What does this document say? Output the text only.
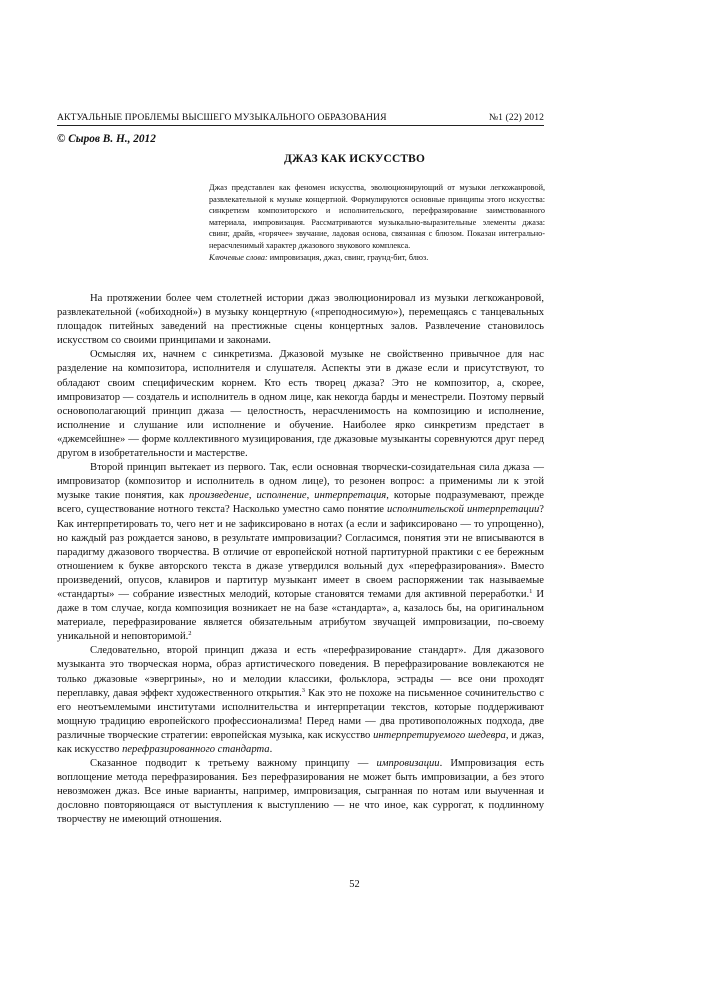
АКТУАЛЬНЫЕ ПРОБЛЕМЫ ВЫСШЕГО МУЗЫКАЛЬНОГО ОБРАЗОВАНИЯ	№1 (22) 2012
© Сыров В. Н., 2012
ДЖАЗ КАК ИСКУССТВО

Джаз представлен как феномен искусства, эволюционирующий от музыки легкожанровой, развлекательной к музыке концертной. Формулируются основные принципы этого искусства: синкретизм композиторского и исполнительского, перефразирование заимствованного материала, импровизация. Рассматриваются музыкально-выразительные элементы джаза: свинг, драйв, «горячее» звучание, ладовая основа, связанная с блюзом. Показан интегрально-нерасчленимый характер джазового звукового комплекса.

Ключевые слова: импровизация, джаз, свинг, граунд-бит, блюз.

На протяжении более чем столетней истории джаз эволюционировал из музыки легкожанровой, развлекательной («обиходной») в музыку концертную («преподносимую»), перемещаясь с танцевальных площадок питейных заведений на престижные сцены концертных залов. Развлечение становилось искусством со своими принципами и законами.

Осмысляя их, начнем с синкретизма. Джазовой музыке не свойственно привычное для нас разделение на композитора, исполнителя и слушателя. Аспекты эти в джазе если и присутствуют, то обладают своим специфическим корнем. Кто есть творец джаза? Это не композитор, а, скорее, импровизатор — создатель и исполнитель в одном лице, как некогда барды и менестрели. Поэтому первый основополагающий принцип джаза — целостность, нерасчленимость на композицию и исполнение, исполнение и слушание или исполнение и обучение. Наиболее ярко синкретизм предстает в «джемсейшне» — форме коллективного музицирования, где джазовые музыканты соревнуются друг перед другом в изобретательности и мастерстве.

Второй принцип вытекает из первого. Так, если основная творчески-созидательная сила джаза — импровизатор (композитор и исполнитель в одном лице), то резонен вопрос: а применимы ли к этой музыке такие понятия, как произведение, исполнение, интерпретация, которые подразумевают, прежде всего, существование нотного текста? Насколько уместно само понятие исполнительской интерпретации? Как интерпретировать то, чего нет и не зафиксировано в нотах (а если и зафиксировано — то упрощенно), но каждый раз рождается заново, в результате импровизации? Согласимся, понятия эти не вписываются в парадигму джазового творчества. В отличие от европейской нотной партитурной практики с ее бережным отношением к букве авторского текста в джазе утвердился вольный дух «перефразирования». Вместо произведений, опусов, клавиров и партитур музыкант имеет в своем распоряжении так называемые «стандарты» — собрание известных мелодий, которые становятся темами для активной переработки.$^1$ И даже в том случае, когда композиция возникает не на базе «стандарта», а, казалось бы, на оригинальном материале, перефразирование является обязательным атрибутом звучащей импровизации, по-своему уникальной и неповторимой.$^2$

Следовательно, второй принцип джаза и есть «перефразирование стандарт». Для джазового музыканта это творческая норма, образ артистического поведения. В перефразирование вовлекаются не только джазовые «эвергрины», но и мелодии классики, фольклора, эстрады — все они проходят переплавку, давая эффект художественного открытия.$^3$ Как это не похоже на письменное сочинительство с его неотъемлемыми институтами исполнительства и интерпретации текстов, которые поддерживают мощную традицию европейского профессионализма! Перед нами — два противоположных подхода, две различные творческие стратегии: европейская музыка, как искусство интерпретируемого шедевра, и джаз, как искусство перефразированного стандарта.

Сказанное подводит к третьему важному принципу — импровизации. Импровизация есть воплощение метода перефразирования. Без перефразирования не может быть импровизации, а без этого невозможен джаз. Все иные варианты, например, импровизация, сыгранная по нотам или выученная и дословно повторяющаяся от выступления к выступлению — не что иное, как суррогат, к подлинному творчеству не имеющий отношения.

52
